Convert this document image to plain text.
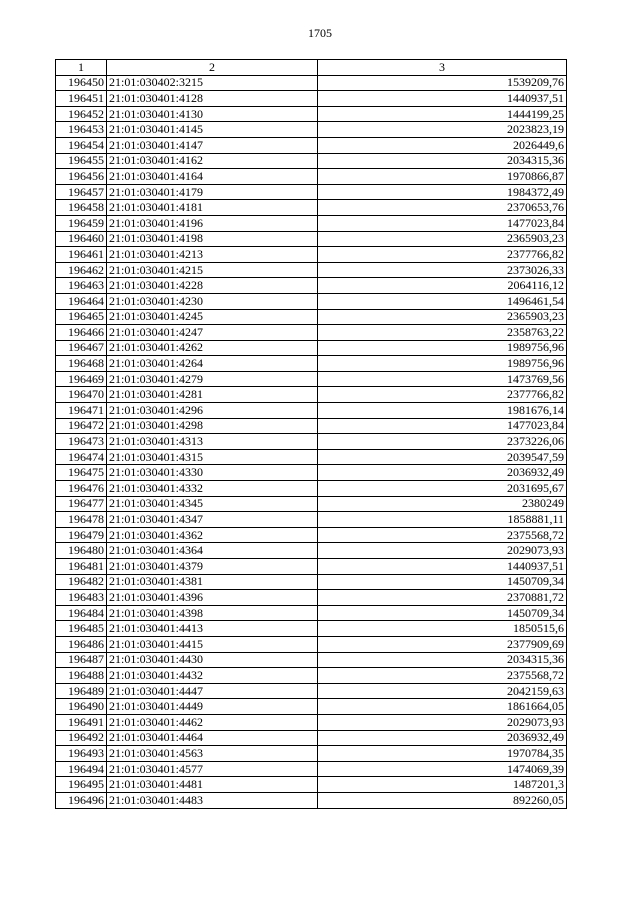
1705
1	2	3
196450	21:01:030402:3215	1539209,76
196451	21:01:030401:4128	1440937,51
196452	21:01:030401:4130	1444199,25
196453	21:01:030401:4145	2023823,19
196454	21:01:030401:4147	2026449,6
196455	21:01:030401:4162	2034315,36
196456	21:01:030401:4164	1970866,87
196457	21:01:030401:4179	1984372,49
196458	21:01:030401:4181	2370653,76
196459	21:01:030401:4196	1477023,84
196460	21:01:030401:4198	2365903,23
196461	21:01:030401:4213	2377766,82
196462	21:01:030401:4215	2373026,33
196463	21:01:030401:4228	2064116,12
196464	21:01:030401:4230	1496461,54
196465	21:01:030401:4245	2365903,23
196466	21:01:030401:4247	2358763,22
196467	21:01:030401:4262	1989756,96
196468	21:01:030401:4264	1989756,96
196469	21:01:030401:4279	1473769,56
196470	21:01:030401:4281	2377766,82
196471	21:01:030401:4296	1981676,14
196472	21:01:030401:4298	1477023,84
196473	21:01:030401:4313	2373226,06
196474	21:01:030401:4315	2039547,59
196475	21:01:030401:4330	2036932,49
196476	21:01:030401:4332	2031695,67
196477	21:01:030401:4345	2380249
196478	21:01:030401:4347	1858881,11
196479	21:01:030401:4362	2375568,72
196480	21:01:030401:4364	2029073,93
196481	21:01:030401:4379	1440937,51
196482	21:01:030401:4381	1450709,34
196483	21:01:030401:4396	2370881,72
196484	21:01:030401:4398	1450709,34
196485	21:01:030401:4413	1850515,6
196486	21:01:030401:4415	2377909,69
196487	21:01:030401:4430	2034315,36
196488	21:01:030401:4432	2375568,72
196489	21:01:030401:4447	2042159,63
196490	21:01:030401:4449	1861664,05
196491	21:01:030401:4462	2029073,93
196492	21:01:030401:4464	2036932,49
196493	21:01:030401:4563	1970784,35
196494	21:01:030401:4577	1474069,39
196495	21:01:030401:4481	1487201,3
196496	21:01:030401:4483	892260,05
